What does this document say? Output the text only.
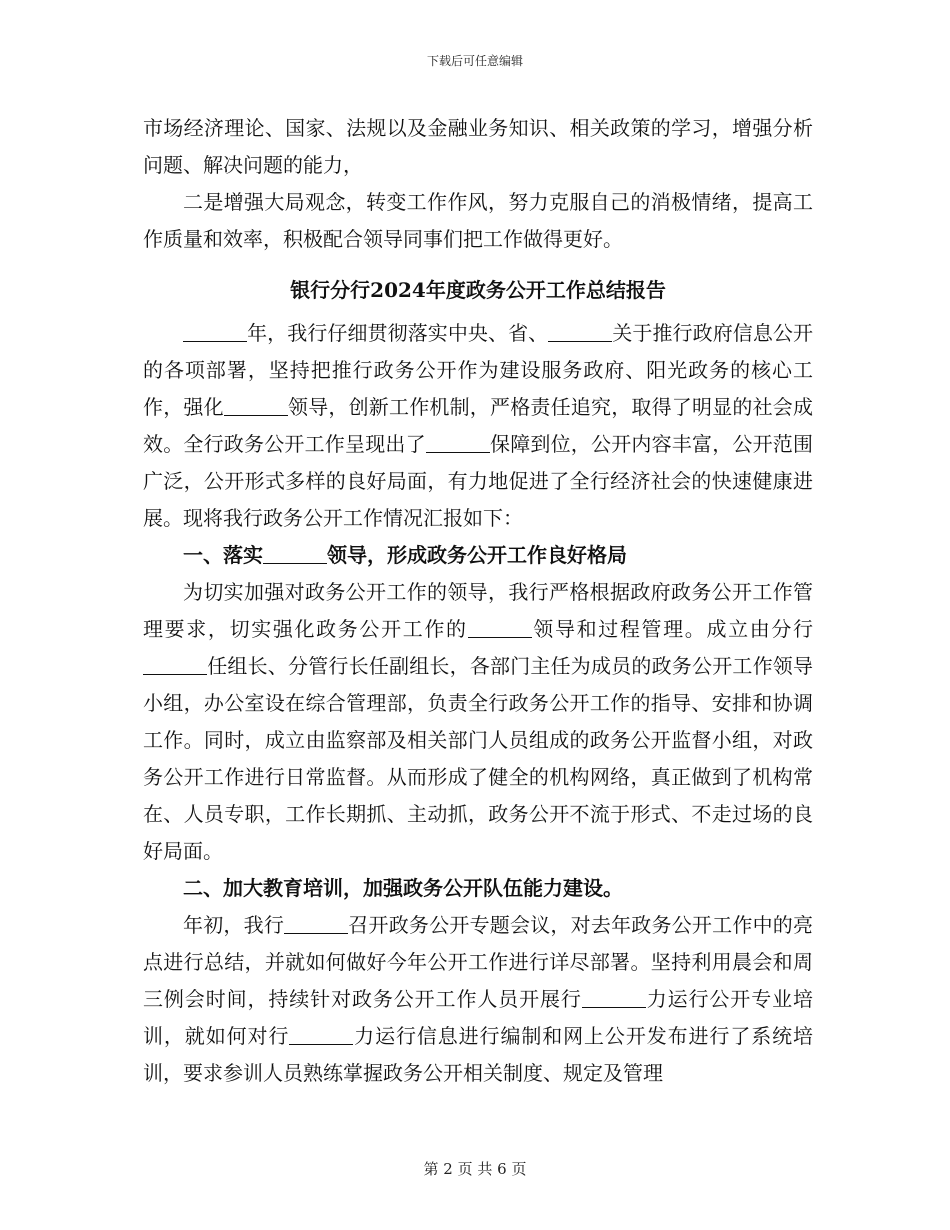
下载后可任意编辑

市场经济理论、国家、法规以及金融业务知识、相关政策的学习，增强分析问题、解决问题的能力，

二是增强大局观念，转变工作作风，努力克服自己的消极情绪，提高工作质量和效率，积极配合领导同事们把工作做得更好。

银行分行2024年度政务公开工作总结报告

年，我行仔细贯彻落实中央、省、	关于推行政府信息公开的各项部署，坚持把推行政务公开作为建设服务政府、阳光政务的核心工作，强化	领导，创新工作机制，严格责任追究，取得了明显的社会成效。全行政务公开工作呈现出了	保障到位，公开内容丰富，公开范围广泛，公开形式多样的良好局面，有力地促进了全行经济社会的快速健康进展。现将我行政务公开工作情况汇报如下：

一、落实	领导，形成政务公开工作良好格局

为切实加强对政务公开工作的领导，我行严格根据政府政务公开工作管理要求，切实强化政务公开工作的	领导和过程管理。成立由分行任组长、分管行长任副组长，各部门主任为成员的政务公开工作领导小组，办公室设在综合管理部，负责全行政务公开工作的指导、安排和协调工作。同时，成立由监察部及相关部门人员组成的政务公开监督小组，对政务公开工作进行日常监督。从而形成了健全的机构网络，真正做到了机构常在、人员专职，工作长期抓、主动抓，政务公开不流于形式、不走过场的良好局面。

二、加大教育培训，加强政务公开队伍能力建设。

年初，我行	召开政务公开专题会议，对去年政务公开工作中的亮点进行总结，并就如何做好今年公开工作进行详尽部署。坚持利用晨会和周三例会时间，持续针对政务公开工作人员开展行	力运行公开专业培训，就如何对行	力运行信息进行编制和网上公开发布进行了系统培训，要求参训人员熟练掌握政务公开相关制度、规定及管理

第 2 页 共 6 页
